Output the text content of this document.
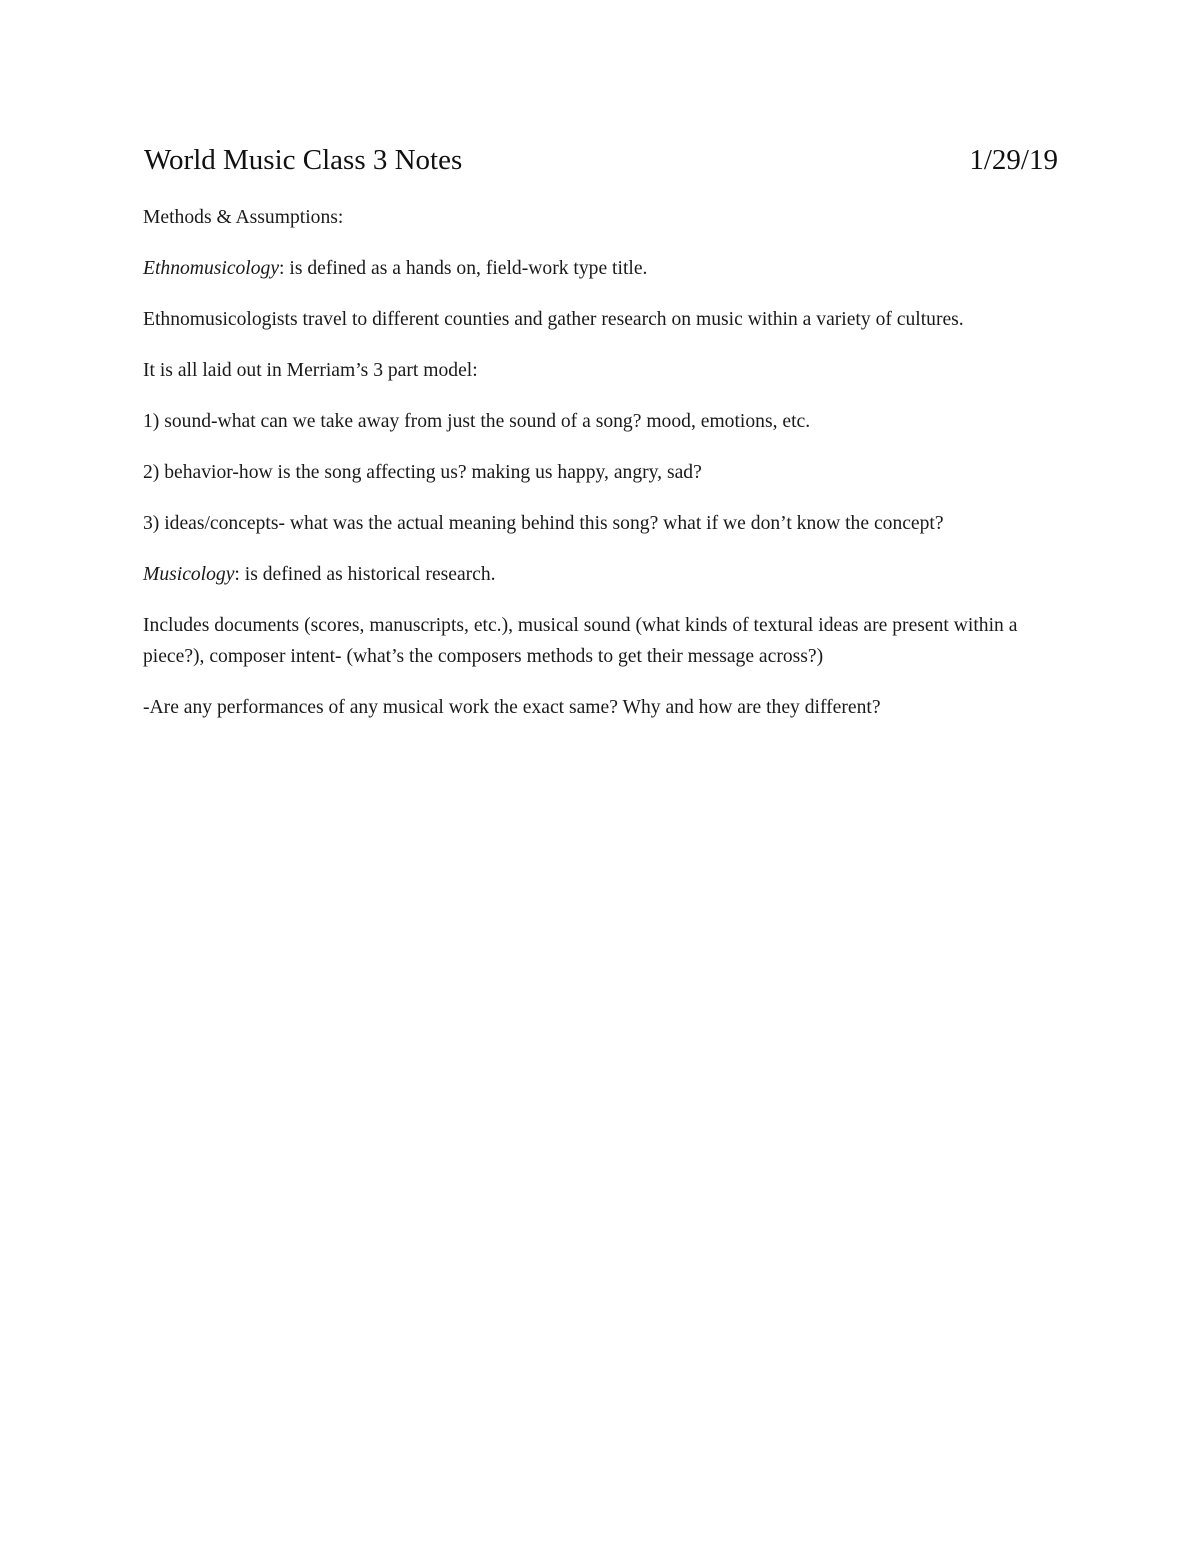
World Music Class 3 Notes	1/29/19

Methods & Assumptions:

Ethnomusicology: is defined as a hands on, field-work type title.

Ethnomusicologists travel to different counties and gather research on music within a variety of cultures.

It is all laid out in Merriam’s 3 part model:

1) sound-what can we take away from just the sound of a song? mood, emotions, etc.

2) behavior-how is the song affecting us? making us happy, angry, sad?

3) ideas/concepts- what was the actual meaning behind this song? what if we don’t know the concept?

Musicology: is defined as historical research.

Includes documents (scores, manuscripts, etc.), musical sound (what kinds of textural ideas are present within a piece?), composer intent- (what’s the composers methods to get their message across?)

-Are any performances of any musical work the exact same? Why and how are they different?
